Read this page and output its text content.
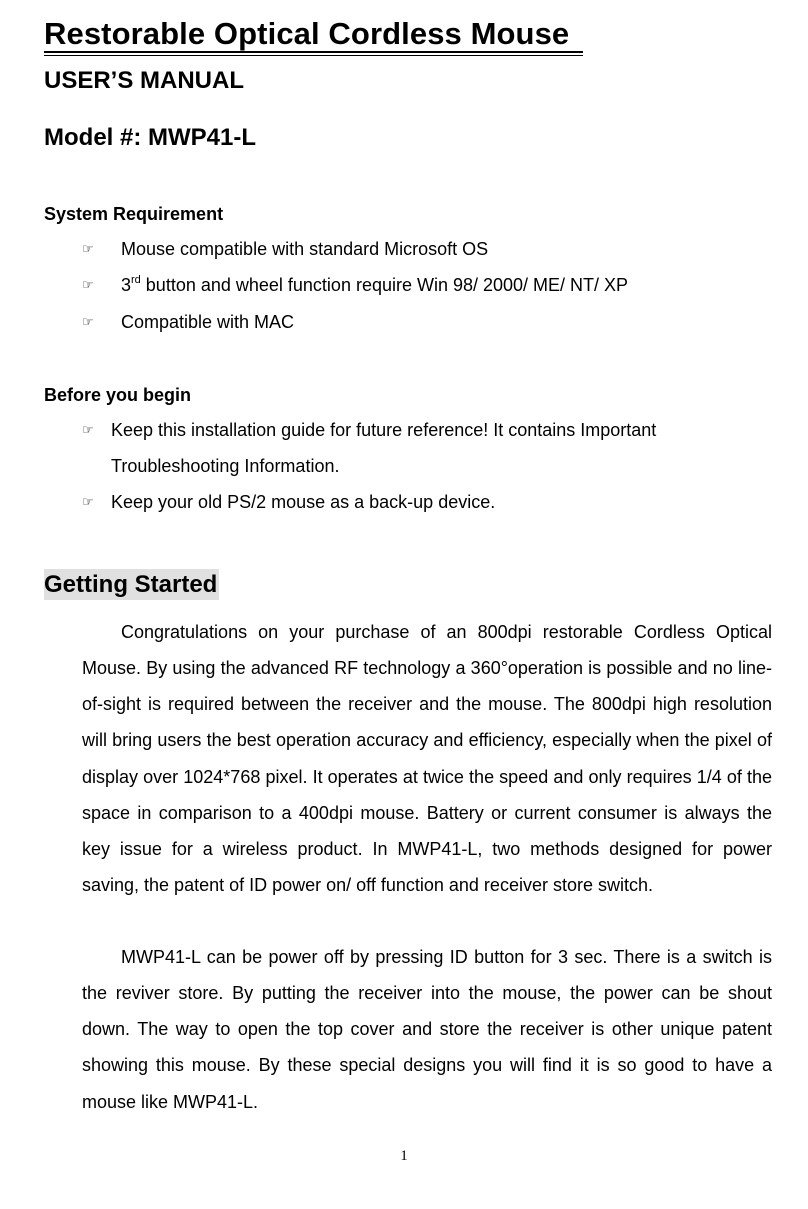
Restorable Optical Cordless Mouse
USER’S MANUAL
Model #: MWP41-L
System Requirement
☞ Mouse compatible with standard Microsoft OS
☞ 3rd button and wheel function require Win 98/ 2000/ ME/ NT/ XP
☞ Compatible with MAC
Before you begin
☞ Keep this installation guide for future reference! It contains Important
Troubleshooting Information.
☞ Keep your old PS/2 mouse as a back-up device.
Getting Started

Congratulations on your purchase of an 800dpi restorable Cordless Optical Mouse. By using the advanced RF technology a 360°operation is possible and no line-of-sight is required between the receiver and the mouse. The 800dpi high resolution will bring users the best operation accuracy and efficiency, especially when the pixel of display over 1024*768 pixel. It operates at twice the speed and only requires 1/4 of the space in comparison to a 400dpi mouse. Battery or current consumer is always the key issue for a wireless product. In MWP41-L, two methods designed for power saving, the patent of ID power on/ off function and receiver store switch.

MWP41-L can be power off by pressing ID button for 3 sec. There is a switch is the reviver store. By putting the receiver into the mouse, the power can be shout down. The way to open the top cover and store the receiver is other unique patent showing this mouse. By these special designs you will find it is so good to have a mouse like MWP41-L.

1
